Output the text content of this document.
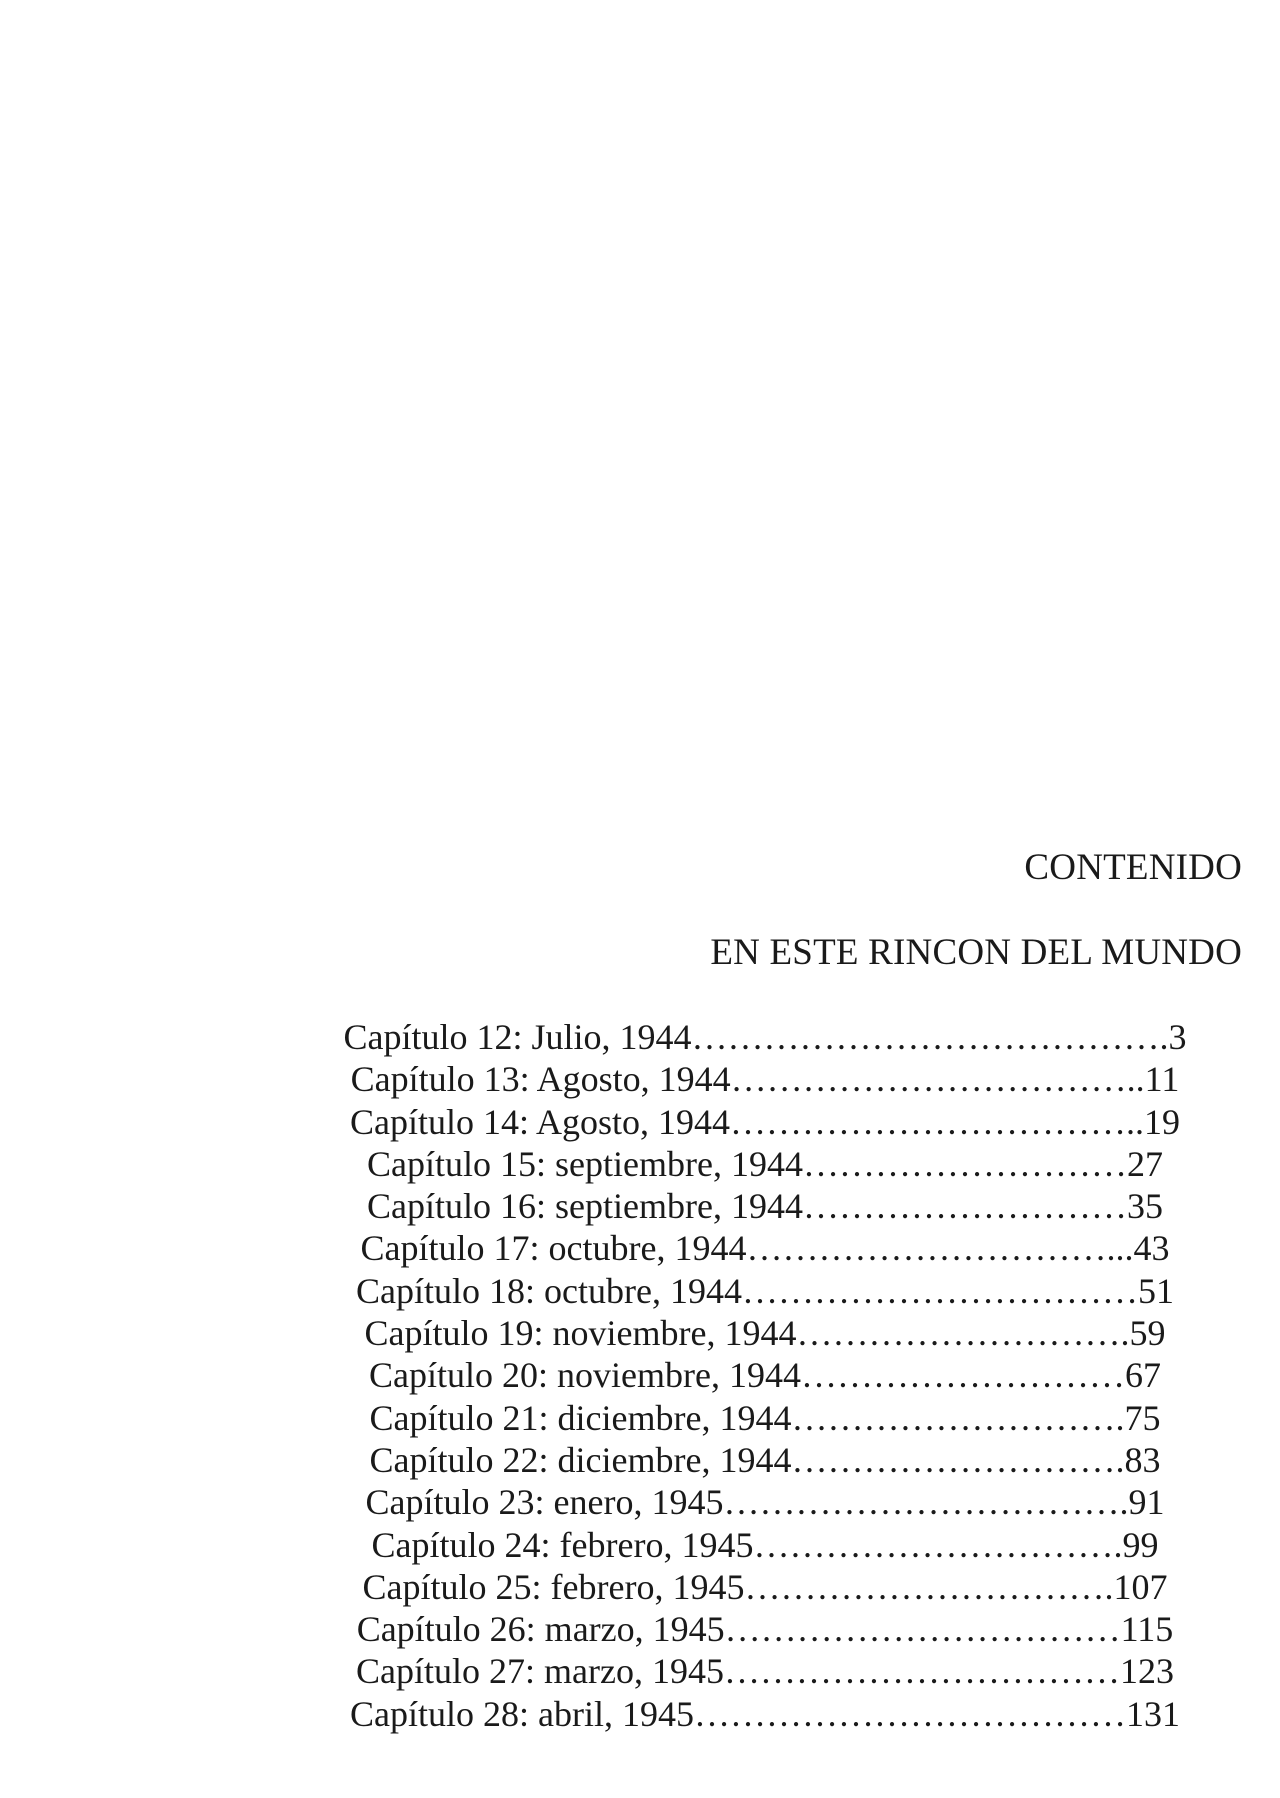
CONTENIDO
EN ESTE RINCON DEL MUNDO
Capítulo 12: Julio, 1944………………………………….3
Capítulo 13: Agosto, 1944……………………………..11
Capítulo 14: Agosto, 1944……………………………..19
Capítulo 15: septiembre, 1944………………………27
Capítulo 16: septiembre, 1944………………………35
Capítulo 17: octubre, 1944…………………………...43
Capítulo 18: octubre, 1944……………………………51
Capítulo 19: noviembre, 1944……………………….59
Capítulo 20: noviembre, 1944………………………67
Capítulo 21: diciembre, 1944……………………….75
Capítulo 22: diciembre, 1944……………………….83
Capítulo 23: enero, 1945…………………………….91
Capítulo 24: febrero, 1945………………………….99
Capítulo 25: febrero, 1945………………………….107
Capítulo 26: marzo, 1945……………………………115
Capítulo 27: marzo, 1945……………………………123
Capítulo 28: abril, 1945………………………………131
